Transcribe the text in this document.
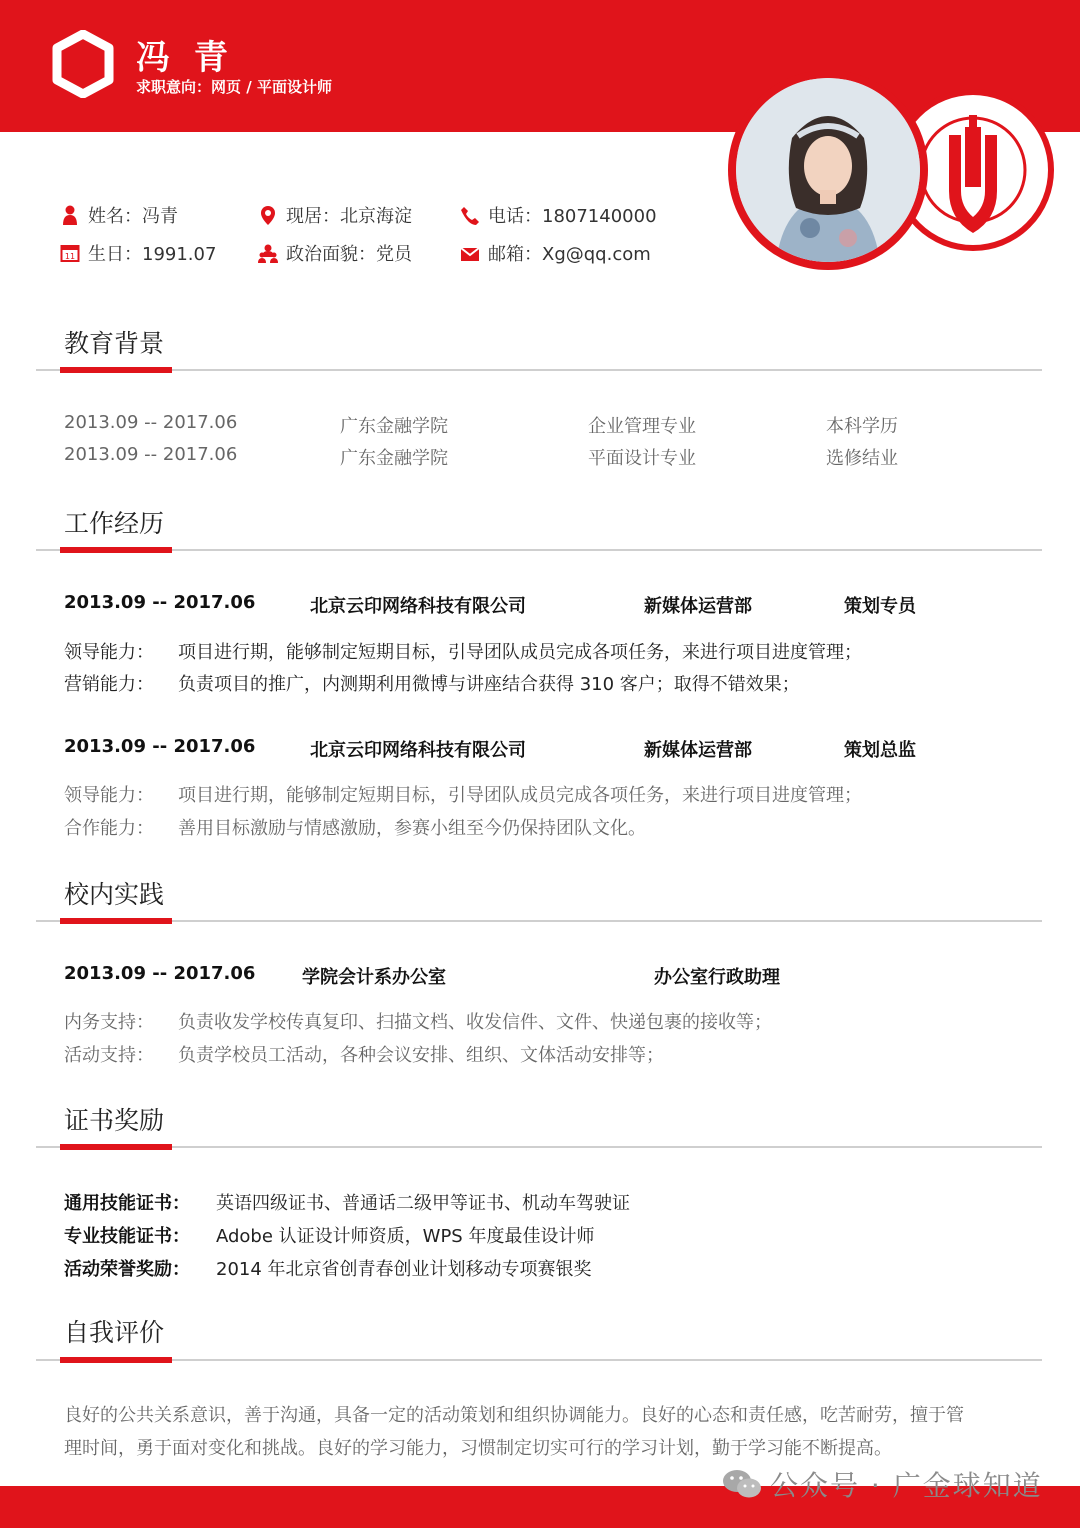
冯 青
求职意向：网页 / 平面设计师
姓名：冯青	现居：北京海淀	电话：1807140000
11 生日：1991.07	政治面貌：党员	邮箱：Xg@qq.com
教育背景
2013.09 -- 2017.06	广东金融学院	企业管理专业	本科学历
2013.09 -- 2017.06	广东金融学院	平面设计专业	选修结业
工作经历
2013.09 -- 2017.06	北京云印网络科技有限公司	新媒体运营部	策划专员
领导能力： 项目进行期，能够制定短期目标，引导团队成员完成各项任务，来进行项目进度管理；
营销能力： 负责项目的推广，内测期利用微博与讲座结合获得 310 客户；取得不错效果；
2013.09 -- 2017.06	北京云印网络科技有限公司	新媒体运营部	策划总监
领导能力： 项目进行期，能够制定短期目标，引导团队成员完成各项任务，来进行项目进度管理；
合作能力： 善用目标激励与情感激励，参赛小组至今仍保持团队文化。
校内实践
2013.09 -- 2017.06	学院会计系办公室	办公室行政助理
内务支持： 负责收发学校传真复印、扫描文档、收发信件、文件、快递包裹的接收等；
活动支持： 负责学校员工活动，各种会议安排、组织、文体活动安排等；
证书奖励
通用技能证书： 英语四级证书、普通话二级甲等证书、机动车驾驶证
专业技能证书： Adobe 认证设计师资质，WPS 年度最佳设计师
活动荣誉奖励： 2014 年北京省创青春创业计划移动专项赛银奖
自我评价
良好的公共关系意识，善于沟通，具备一定的活动策划和组织协调能力。良好的心态和责任感，吃苦耐劳，擅于管
理时间，勇于面对变化和挑战。良好的学习能力，习惯制定切实可行的学习计划，勤于学习能不断提高。
公众号 · 广金球知道
